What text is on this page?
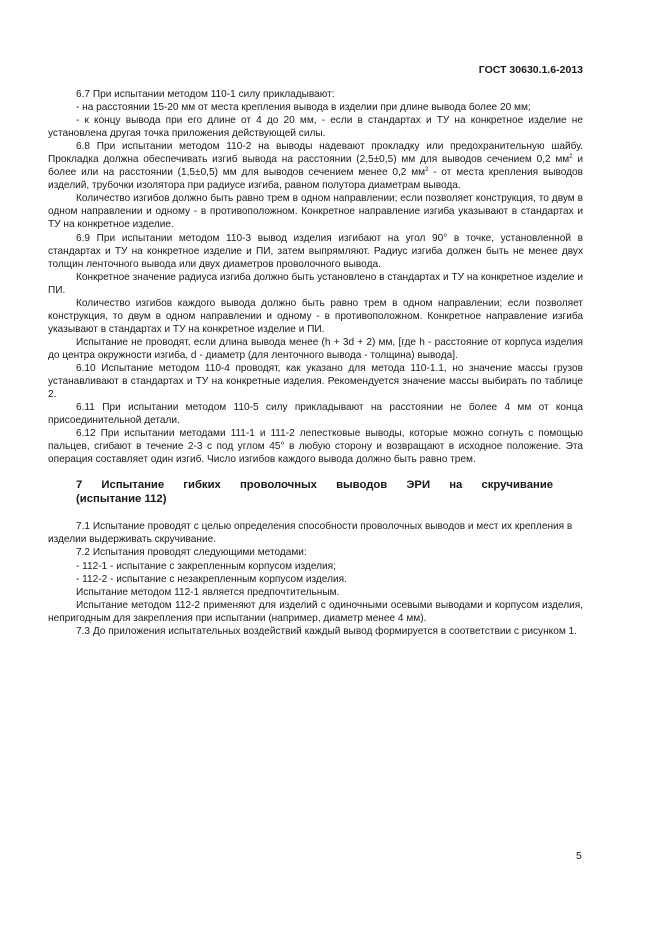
ГОСТ 30630.1.6-2013

6.7 При испытании методом 110-1 силу прикладывают:

- на расстоянии 15-20 мм от места крепления вывода в изделии при длине вывода более 20 мм;

- к концу вывода при его длине от 4 до 20 мм, - если в стандартах и ТУ на конкретное изделие не установлена другая точка приложения действующей силы.

6.8 При испытании методом 110-2 на выводы надевают прокладку или предохранительную шайбу. Прокладка должна обеспечивать изгиб вывода на расстоянии (2,5±0,5) мм для выводов сечением 0,2 $мм^2$ и более или на расстоянии (1,5±0,5) мм для выводов сечением менее 0,2 $мм^2$ - от места крепления выводов изделий, трубочки изолятора при радиусе изгиба, равном полутора диаметрам вывода.

Количество изгибов должно быть равно трем в одном направлении; если позволяет конструкция, то двум в одном направлении и одному - в противоположном. Конкретное направление изгиба указывают в стандартах и ТУ на конкретное изделие.

6.9 При испытании методом 110-3 вывод изделия изгибают на угол 90° в точке, установленной в стандартах и ТУ на конкретное изделие и ПИ, затем выпрямляют. Радиус изгиба должен быть не менее двух толщин ленточного вывода или двух диаметров проволочного вывода.

Конкретное значение радиуса изгиба должно быть установлено в стандартах и ТУ на конкретное изделие и ПИ.

Количество изгибов каждого вывода должно быть равно трем в одном направлении; если позволяет конструкция, то двум в одном направлении и одному - в противоположном. Конкретное направление изгиба указывают в стандартах и ТУ на конкретное изделие и ПИ.

Испытание не проводят, если длина вывода менее (h + 3d + 2) мм, [где h - расстояние от корпуса изделия до центра окружности изгиба, d - диаметр (для ленточного вывода - толщина) вывода].

6.10 Испытание методом 110-4 проводят, как указано для метода 110-1.1, но значение массы грузов устанавливают в стандартах и ТУ на конкретные изделия. Рекомендуется значение массы выбирать по таблице 2.

6.11 При испытании методом 110-5 силу прикладывают на расстоянии не более 4 мм от конца присоединительной детали.

6.12 При испытании методами 111-1 и 111-2 лепестковые выводы, которые можно согнуть с помощью пальцев, сгибают в течение 2-3 с под углом 45° в любую сторону и возвращают в исходное положение. Эта операция составляет один изгиб. Число изгибов каждого вывода должно быть равно трем.

7 Испытание гибких проволочных выводов ЭРИ на скручивание
(испытание 112)

7.1 Испытание проводят с целью определения способности проволочных выводов и мест их крепления в изделии выдерживать скручивание.

7.2 Испытания проводят следующими методами:

- 112-1 - испытание с закрепленным корпусом изделия;

- 112-2 - испытание с незакрепленным корпусом изделия.

Испытание методом 112-1 является предпочтительным.

Испытание методом 112-2 применяют для изделий с одиночными осевыми выводами и корпусом изделия, непригодным для закрепления при испытании (например, диаметр менее 4 мм).

7.3 До приложения испытательных воздействий каждый вывод формируется в соответствии с рисунком 1.

5
